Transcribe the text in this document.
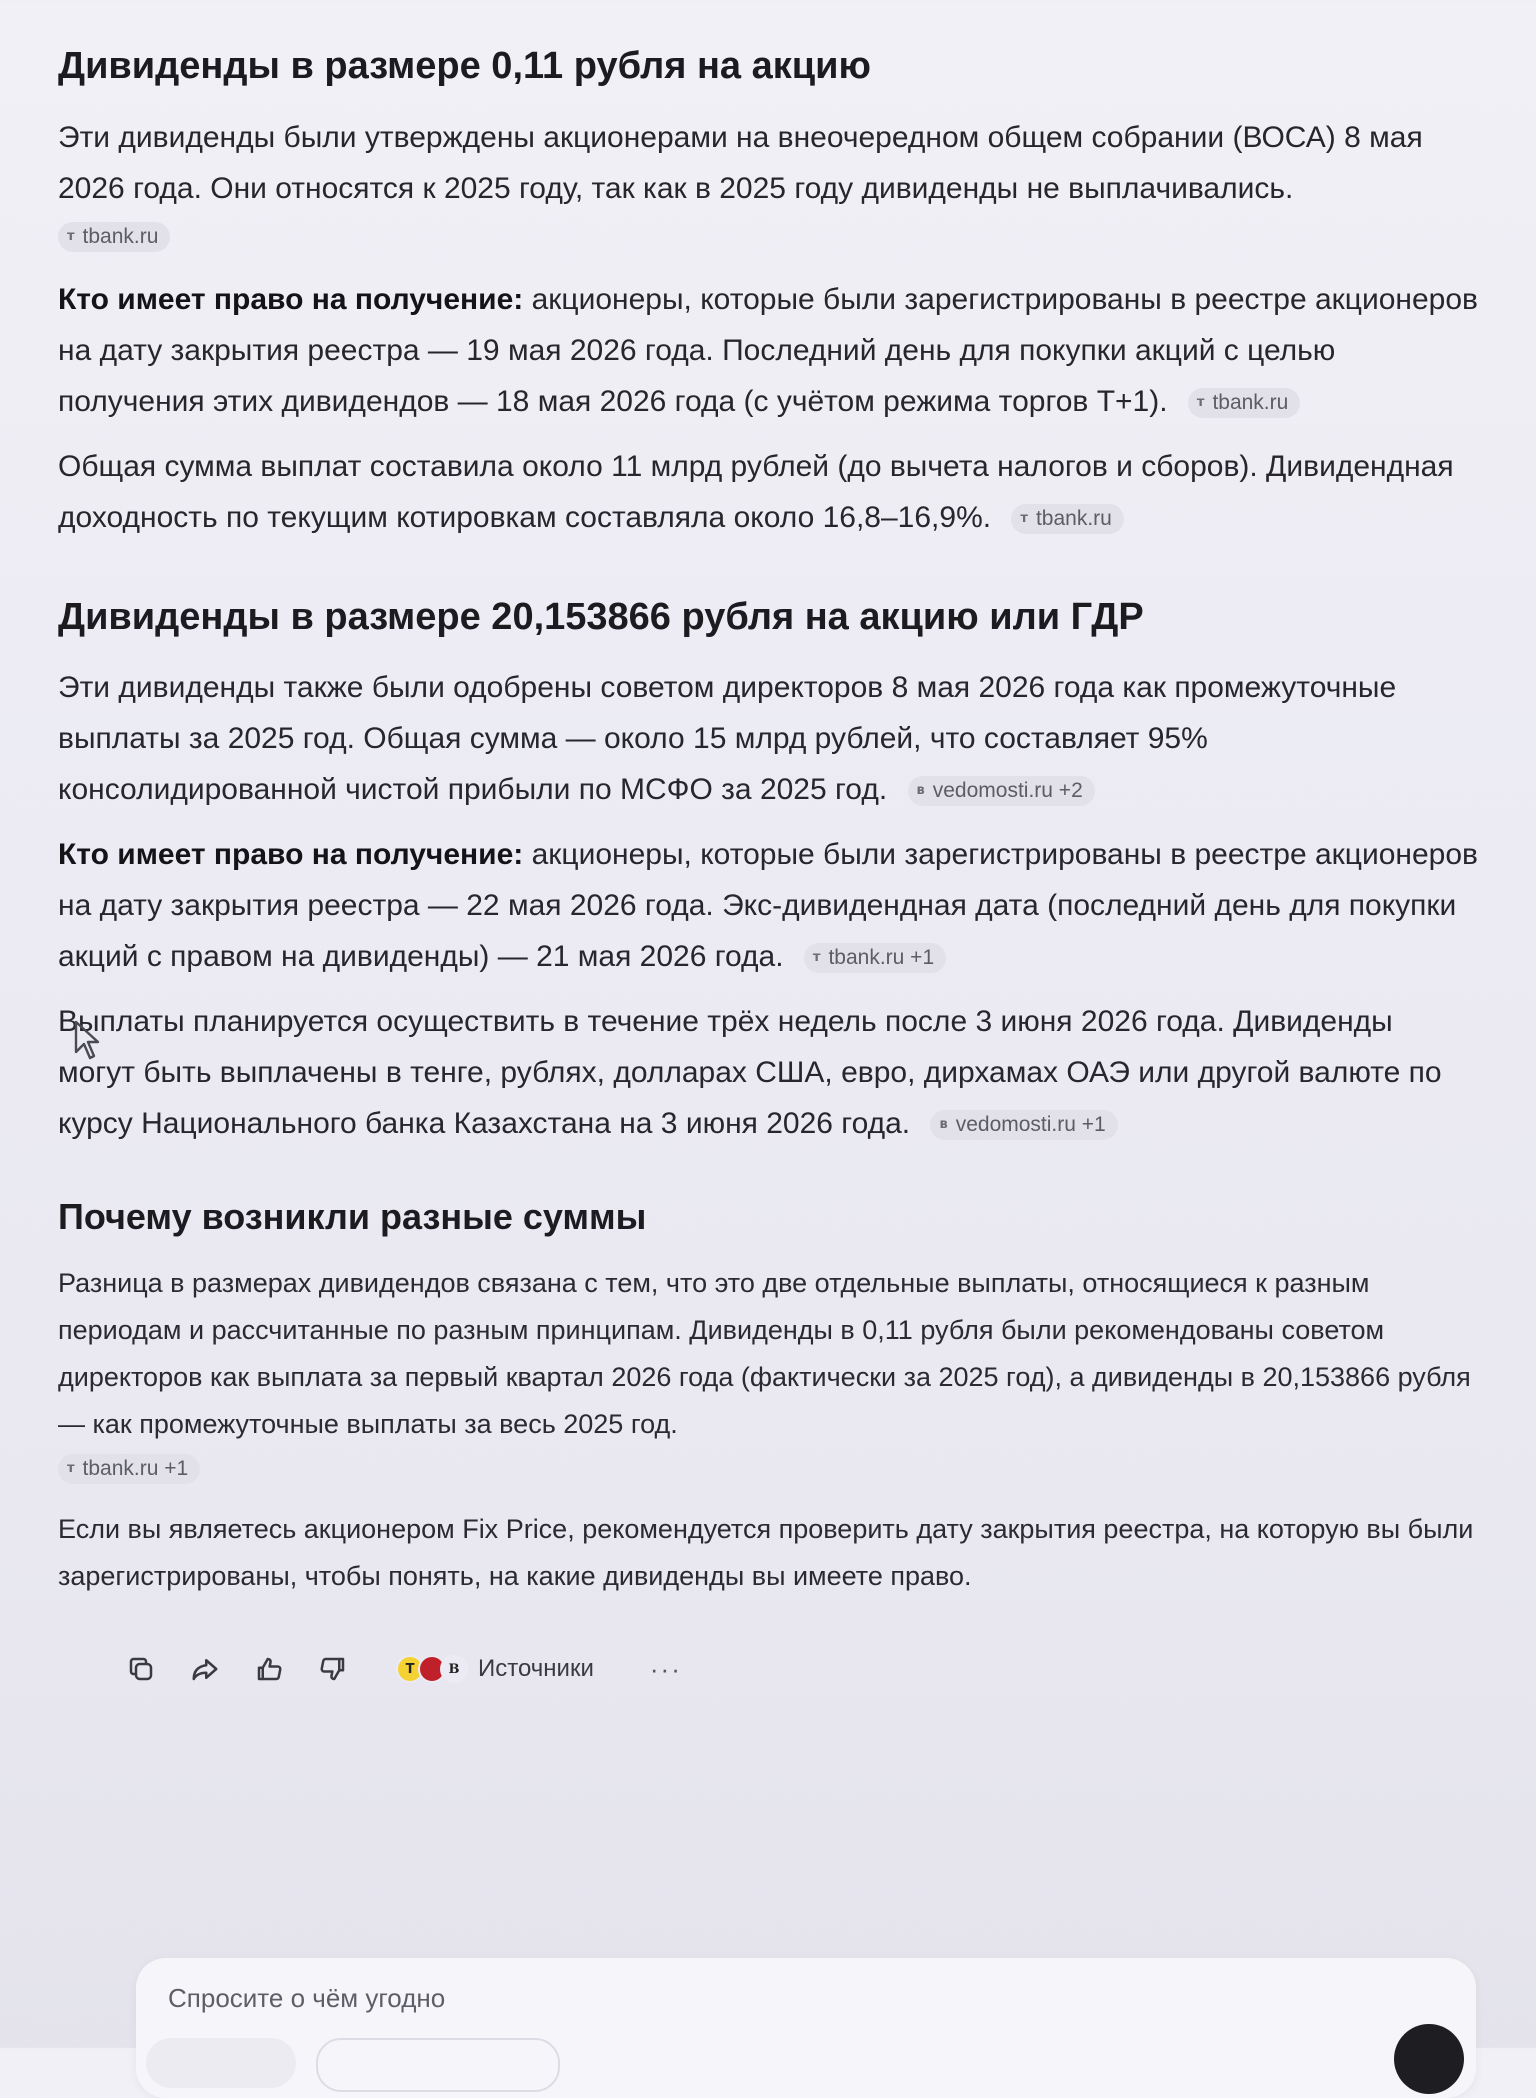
Дивиденды в размере 0,11 рубля на акцию

Эти дивиденды были утверждены акционерами на внеочередном общем собрании (ВОСА) 8 мая 2026 года. Они относятся к 2025 году, так как в 2025 году дивиденды не выплачивались.

т tbank.ru

Кто имеет право на получение: акционеры, которые были зарегистрированы в реестре акционеров на дату закрытия реестра — 19 мая 2026 года. Последний день для покупки акций с целью получения этих дивидендов — 18 мая 2026 года (с учётом режима торгов Т+1). т tbank.ru

Общая сумма выплат составила около 11 млрд рублей (до вычета налогов и сборов). Дивидендная доходность по текущим котировкам составляла около 16,8–16,9%. т tbank.ru

Дивиденды в размере 20,153866 рубля на акцию или ГДР

Эти дивиденды также были одобрены советом директоров 8 мая 2026 года как промежуточные выплаты за 2025 год. Общая сумма — около 15 млрд рублей, что составляет 95% консолидированной чистой прибыли по МСФО за 2025 год. в vedomosti.ru +2

Кто имеет право на получение: акционеры, которые были зарегистрированы в реестре акционеров на дату закрытия реестра — 22 мая 2026 года. Экс-дивидендная дата (последний день для покупки акций с правом на дивиденды) — 21 мая 2026 года. т tbank.ru +1

Выплаты планируется осуществить в течение трёх недель после 3 июня 2026 года. Дивиденды могут быть выплачены в тенге, рублях, долларах США, евро, дирхамах ОАЭ или другой валюте по курсу Национального банка Казахстана на 3 июня 2026 года. в vedomosti.ru +1

Почему возникли разные суммы

Разница в размерах дивидендов связана с тем, что это две отдельные выплаты, относящиеся к разным периодам и рассчитанные по разным принципам. Дивиденды в 0,11 рубля были рекомендованы советом директоров как выплата за первый квартал 2026 года (фактически за 2025 год), а дивиденды в 20,153866 рубля — как промежуточные выплаты за весь 2025 год.

т tbank.ru +1

Если вы являетесь акционером Fix Price, рекомендуется проверить дату закрытия реестра, на которую вы были зарегистрированы, чтобы понять, на какие дивиденды вы имеете право.

Т	В Источники ···
Спросите о чём угодно
